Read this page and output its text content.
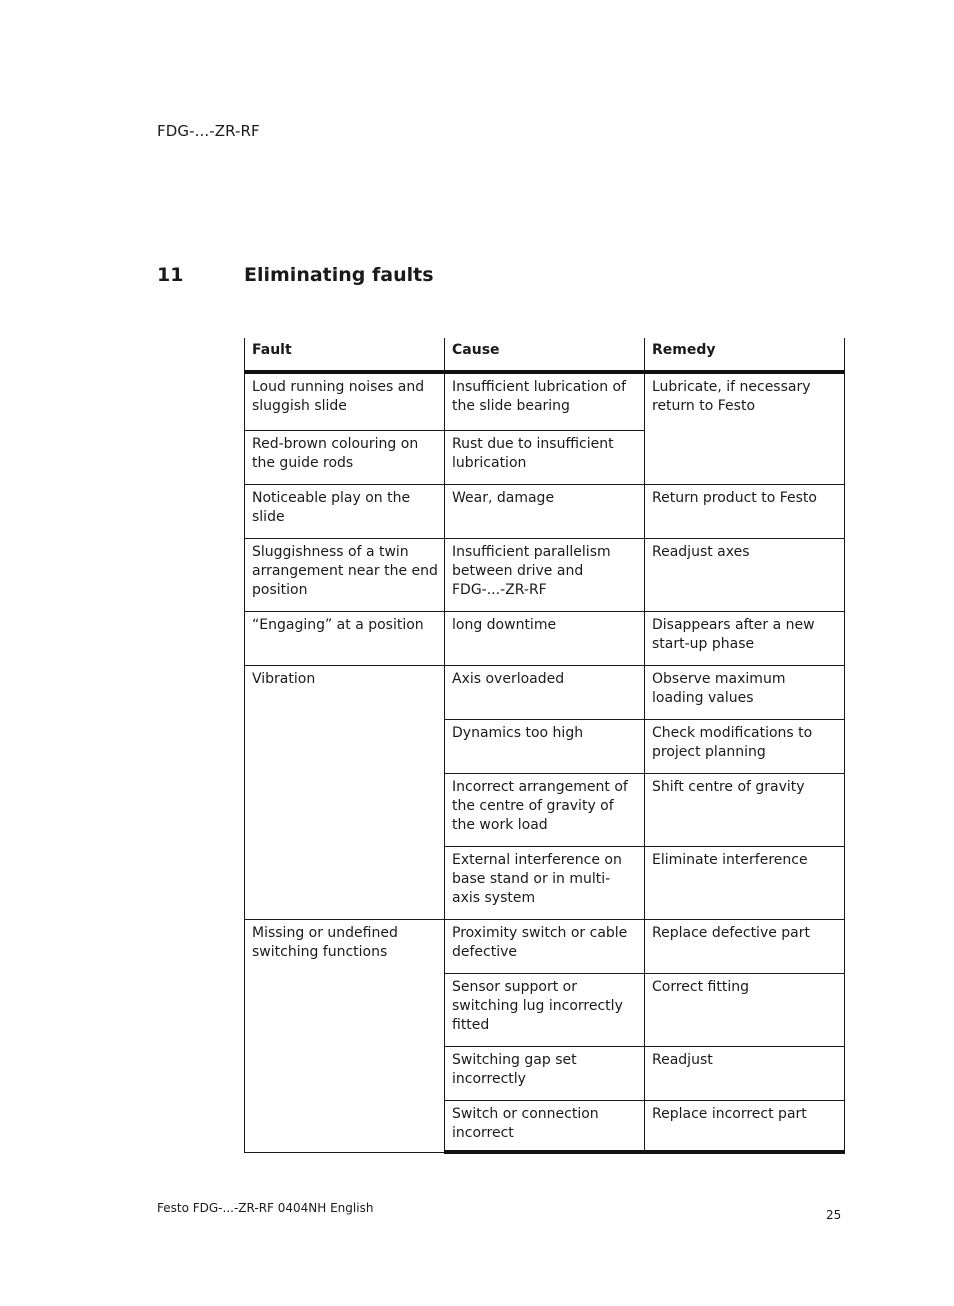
FDG-...-ZR-RF
11	Eliminating faults
Fault	Cause	Remedy
Loud running noises and sluggish slide	Insufficient lubrication of the slide bearing	Lubricate, if necessary return to Festo
Red-brown colouring on the guide rods	Rust due to insufficient lubrication	
Noticeable play on the slide	Wear, damage	Return product to Festo
Sluggishness of a twin arrangement near the end position	Insufficient parallelism between drive and FDG-...-ZR-RF	Readjust axes
“Engaging” at a position	long downtime	Disappears after a new start-up phase
Vibration	Axis overloaded	Observe maximum loading values
	Dynamics too high	Check modifications to project planning
	Incorrect arrangement of the centre of gravity of the work load	Shift centre of gravity
	External interference on base stand or in multi-axis system	Eliminate interference
Missing or undefined switching functions	Proximity switch or cable defective	Replace defective part
	Sensor support or switching lug incorrectly fitted	Correct fitting
	Switching gap set incorrectly	Readjust
	Switch or connection incorrect	Replace incorrect part
Festo FDG-...-ZR-RF 0404NH English	25
